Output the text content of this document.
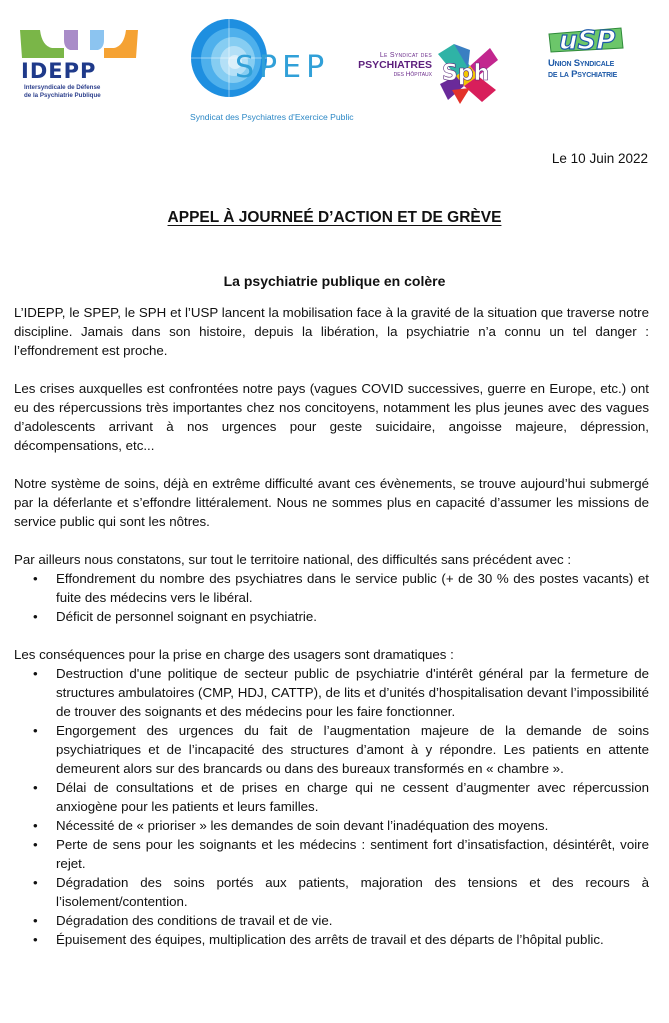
IDEPP
Intersyndicale de Défense
de la Psychiatrie Publique
SPEP
Syndicat des Psychiatres d'Exercice Public
Le Syndicat des
PSYCHIATRES
des Hôpitaux Sph
uSP
Union Syndicale
de la Psychiatrie
Le 10 Juin 2022
APPEL À JOURNEÉ D’ACTION ET DE GRÈVE
La psychiatrie publique en colère

L’IDEPP, le SPEP, le SPH et l’USP lancent la mobilisation face à la gravité de la situation que traverse notre discipline. Jamais dans son histoire, depuis la libération, la psychiatrie n’a connu un tel danger : l’effondrement est proche.

Les crises auxquelles est confrontées notre pays (vagues COVID successives, guerre en Europe, etc.) ont eu des répercussions très importantes chez nos concitoyens, notamment les plus jeunes avec des vagues d’adolescents arrivant à nos urgences pour geste suicidaire, angoisse majeure, dépression, décompensations, etc...

Notre système de soins, déjà en extrême difficulté avant ces évènements, se trouve aujourd’hui submergé par la déferlante et s’effondre littéralement. Nous ne sommes plus en capacité d’assumer les missions de service public qui sont les nôtres.

Par ailleurs nous constatons, sur tout le territoire national, des difficultés sans précédent avec :

• Effondrement du nombre des psychiatres dans le service public (+ de 30 % des postes vacants) et fuite des médecins vers le libéral.
• Déficit de personnel soignant en psychiatrie.

Les conséquences pour la prise en charge des usagers sont dramatiques :

• Destruction d'une politique de secteur public de psychiatrie d'intérêt général par la fermeture de structures ambulatoires (CMP, HDJ, CATTP), de lits et d’unités d’hospitalisation devant l’impossibilité de trouver des soignants et des médecins pour les faire fonctionner.
• Engorgement des urgences du fait de l’augmentation majeure de la demande de soins psychiatriques et de l’incapacité des structures d’amont à y répondre. Les patients en attente demeurent alors sur des brancards ou dans des bureaux transformés en « chambre ».
• Délai de consultations et de prises en charge qui ne cessent d’augmenter avec répercussion anxiogène pour les patients et leurs familles.
• Nécessité de « prioriser » les demandes de soin devant l’inadéquation des moyens.
• Perte de sens pour les soignants et les médecins : sentiment fort d’insatisfaction, désintérêt, voire rejet.
• Dégradation des soins portés aux patients, majoration des tensions et des recours à l’isolement/contention.
• Dégradation des conditions de travail et de vie.
• Épuisement des équipes, multiplication des arrêts de travail et des départs de l’hôpital public.
